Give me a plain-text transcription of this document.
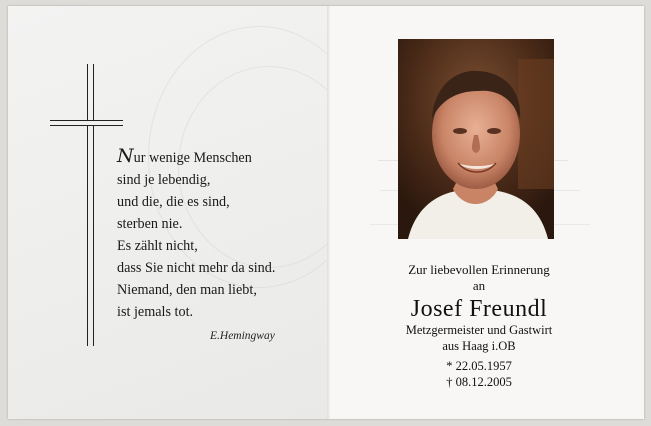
Nur wenige Menschen
sind je lebendig,
und die, die es sind,
sterben nie.
Es zählt nicht,
dass Sie nicht mehr da sind.
Niemand, den man liebt,
ist jemals tot.
E.Hemingway
Zur liebevollen Erinnerung
an
Josef Freundl
Metzgermeister und Gastwirt
aus Haag i.OB
* 22.05.1957
† 08.12.2005
